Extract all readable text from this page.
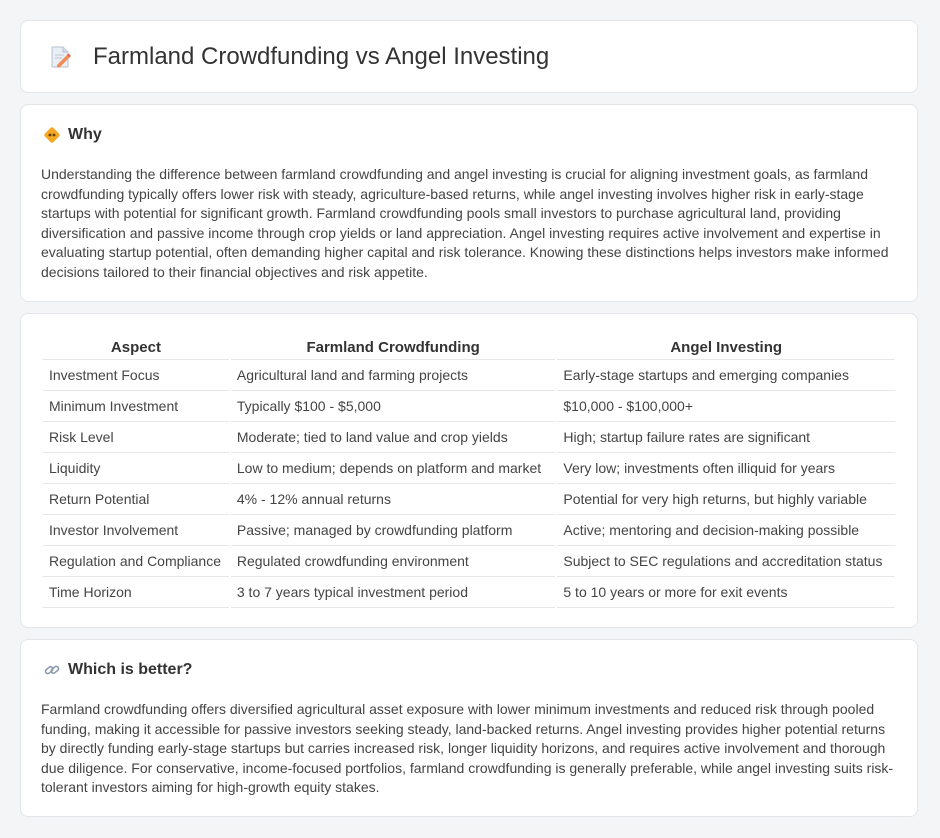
Farmland Crowdfunding vs Angel Investing
Why
Understanding the difference between farmland crowdfunding and angel investing is crucial for aligning investment goals, as farmland crowdfunding typically offers lower risk with steady, agriculture-based returns, while angel investing involves higher risk in early-stage startups with potential for significant growth. Farmland crowdfunding pools small investors to purchase agricultural land, providing diversification and passive income through crop yields or land appreciation. Angel investing requires active involvement and expertise in evaluating startup potential, often demanding higher capital and risk tolerance. Knowing these distinctions helps investors make informed decisions tailored to their financial objectives and risk appetite.
Aspect	Farmland Crowdfunding	Angel Investing
Investment Focus	Agricultural land and farming projects	Early-stage startups and emerging companies
Minimum Investment	Typically $100 - $5,000	$10,000 - $100,000+
Risk Level	Moderate; tied to land value and crop yields	High; startup failure rates are significant
Liquidity	Low to medium; depends on platform and market	Very low; investments often illiquid for years
Return Potential	4% - 12% annual returns	Potential for very high returns, but highly variable
Investor Involvement	Passive; managed by crowdfunding platform	Active; mentoring and decision-making possible
Regulation and Compliance	Regulated crowdfunding environment	Subject to SEC regulations and accreditation status
Time Horizon	3 to 7 years typical investment period	5 to 10 years or more for exit events
Which is better?
Farmland crowdfunding offers diversified agricultural asset exposure with lower minimum investments and reduced risk through pooled funding, making it accessible for passive investors seeking steady, land-backed returns. Angel investing provides higher potential returns by directly funding early-stage startups but carries increased risk, longer liquidity horizons, and requires active involvement and thorough due diligence. For conservative, income-focused portfolios, farmland crowdfunding is generally preferable, while angel investing suits risk-tolerant investors aiming for high-growth equity stakes.
